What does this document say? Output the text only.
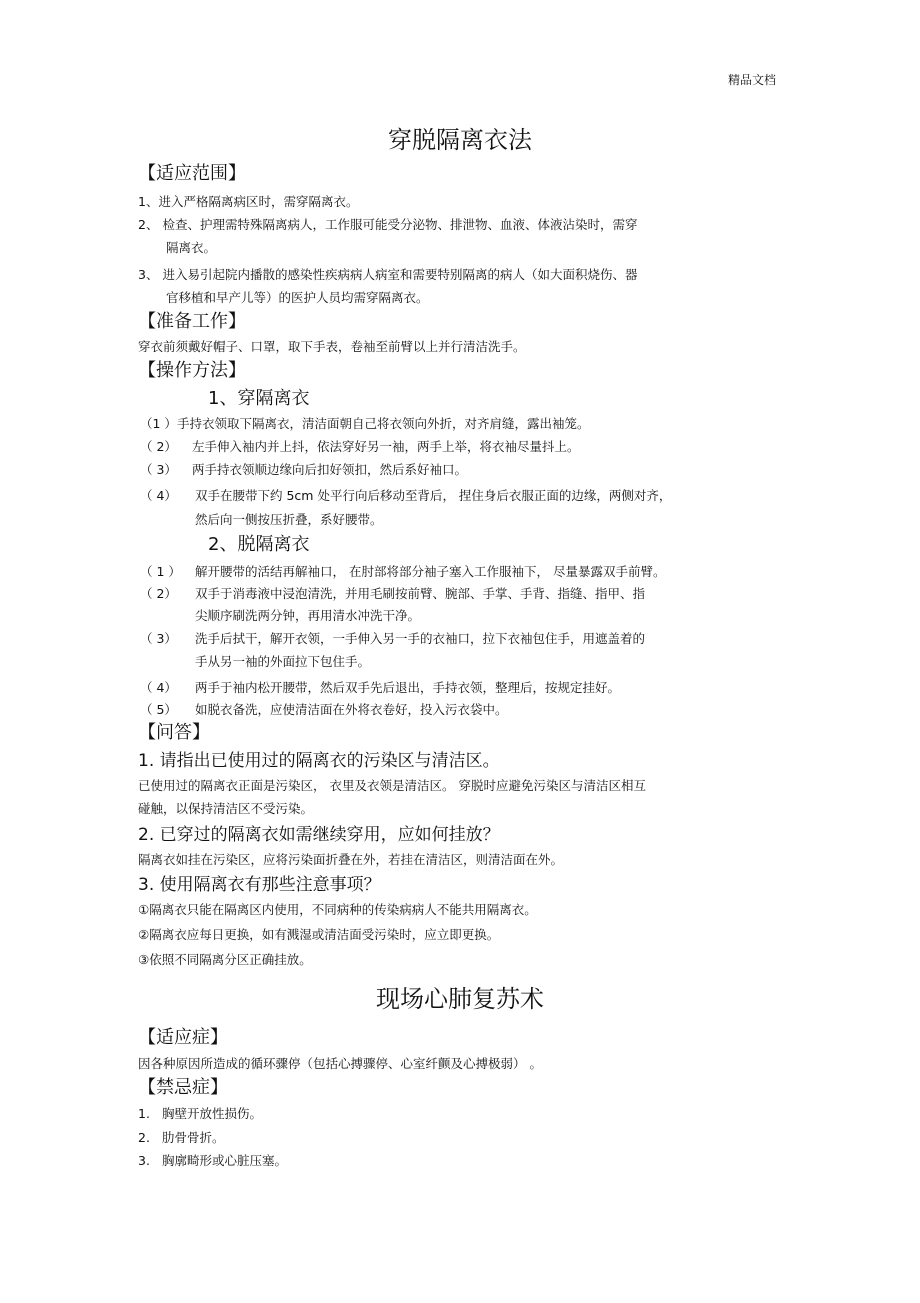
精品文档
穿脱隔离衣法
【适应范围】
1、进入严格隔离病区时，需穿隔离衣。
2、 检查、护理需特殊隔离病人，工作服可能受分泌物、排泄物、血液、体液沾染时，需穿
隔离衣。
3、 进入易引起院内播散的感染性疾病病人病室和需要特别隔离的病人（如大面积烧伤、器
官移植和早产儿等）的医护人员均需穿隔离衣。
【准备工作】
穿衣前须戴好帽子、口罩，取下手表，卷袖至前臂以上并行清洁洗手。
【操作方法】
1、穿隔离衣
（1 ）手持衣领取下隔离衣，清洁面朝自己将衣领向外折，对齐肩缝，露出袖笼。
（ 2） 左手伸入袖内并上抖，依法穿好另一袖，两手上举，将衣袖尽量抖上。
（ 3） 两手持衣领顺边缘向后扣好领扣，然后系好袖口。
（ 4） 双手在腰带下约 5cm 处平行向后移动至背后， 捏住身后衣服正面的边缘，两侧对齐，
然后向一侧按压折叠，系好腰带。
2、脱隔离衣
（ 1 ） 解开腰带的活结再解袖口， 在肘部将部分袖子塞入工作服袖下， 尽量暴露双手前臂。
（ 2） 双手于消毒液中浸泡清洗，并用毛刷按前臂、腕部、手掌、手背、指缝、指甲、指
尖顺序刷洗两分钟，再用清水冲洗干净。
（ 3） 洗手后拭干，解开衣领，一手伸入另一手的衣袖口，拉下衣袖包住手，用遮盖着的
手从另一袖的外面拉下包住手。
（ 4） 两手于袖内松开腰带，然后双手先后退出，手持衣领，整理后，按规定挂好。
（ 5） 如脱衣备洗，应使清洁面在外将衣卷好，投入污衣袋中。
【问答】
1. 请指出已使用过的隔离衣的污染区与清洁区。
已使用过的隔离衣正面是污染区， 衣里及衣领是清洁区。 穿脱时应避免污染区与清洁区相互
碰触，以保持清洁区不受污染。
2. 已穿过的隔离衣如需继续穿用，应如何挂放？
隔离衣如挂在污染区，应将污染面折叠在外，若挂在清洁区，则清洁面在外。
3. 使用隔离衣有那些注意事项？
①隔离衣只能在隔离区内使用，不同病种的传染病病人不能共用隔离衣。
②隔离衣应每日更换，如有溅湿或清洁面受污染时，应立即更换。
③依照不同隔离分区正确挂放。
现场心肺复苏术
【适应症】
因各种原因所造成的循环骤停（包括心搏骤停、心室纤颤及心搏极弱） 。
【禁忌症】
1. 胸壁开放性损伤。
2. 肋骨骨折。
3. 胸廓畸形或心脏压塞。
